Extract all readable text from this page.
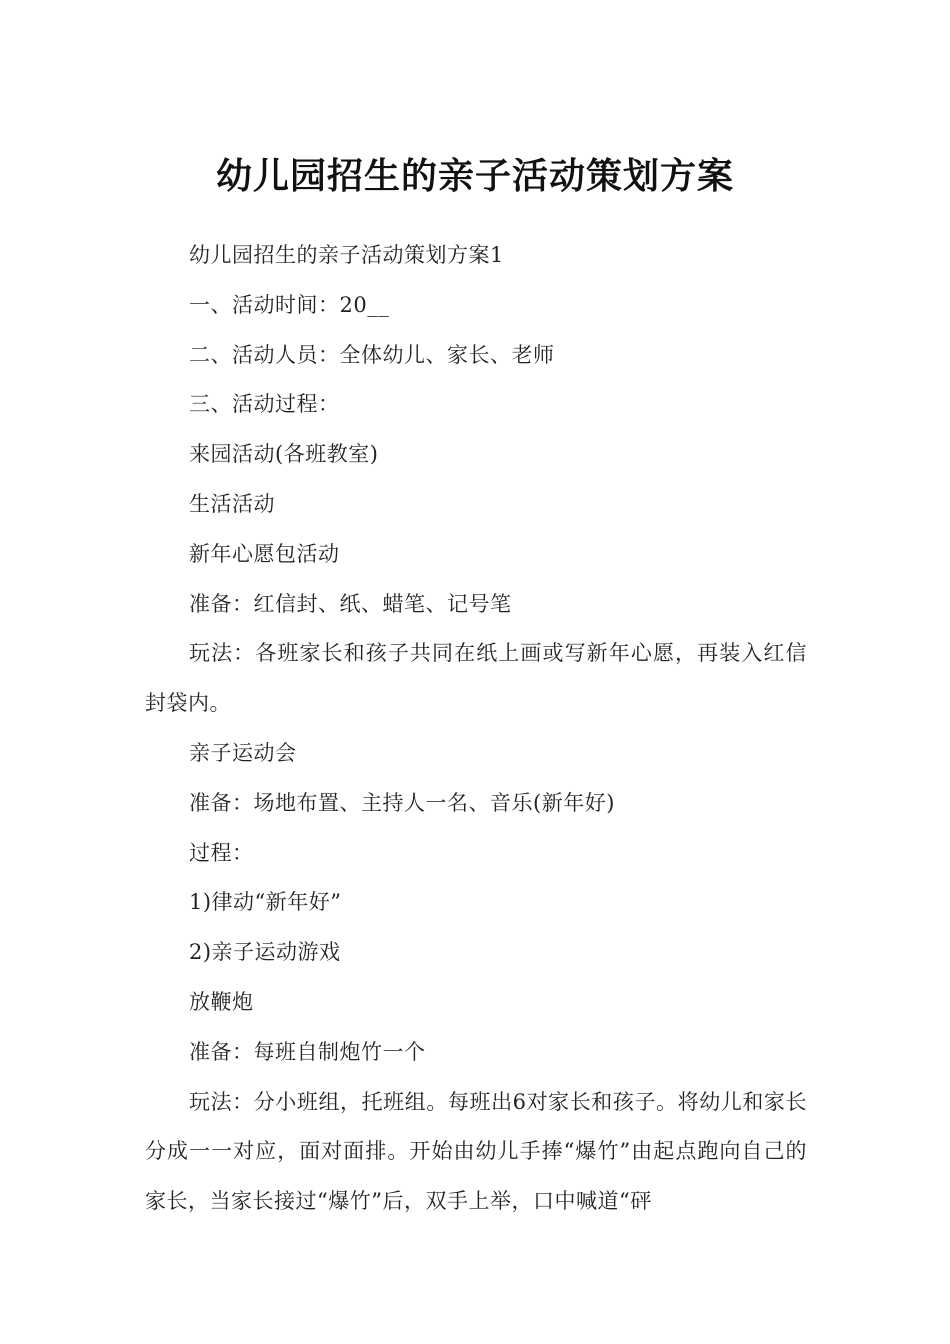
幼儿园招生的亲子活动策划方案

幼儿园招生的亲子活动策划方案1

一、活动时间：20__

二、活动人员：全体幼儿、家长、老师

三、活动过程：

来园活动(各班教室)

生活活动

新年心愿包活动

准备：红信封、纸、蜡笔、记号笔

玩法：各班家长和孩子共同在纸上画或写新年心愿，再装入红信封袋内。

亲子运动会

准备：场地布置、主持人一名、音乐(新年好)

过程：

1)律动“新年好”

2)亲子运动游戏

放鞭炮

准备：每班自制炮竹一个

玩法：分小班组，托班组。每班出6对家长和孩子。将幼儿和家长分成一一对应，面对面排。开始由幼儿手捧“爆竹”由起点跑向自己的家长，当家长接过“爆竹”后，双手上举，口中喊道“砰
